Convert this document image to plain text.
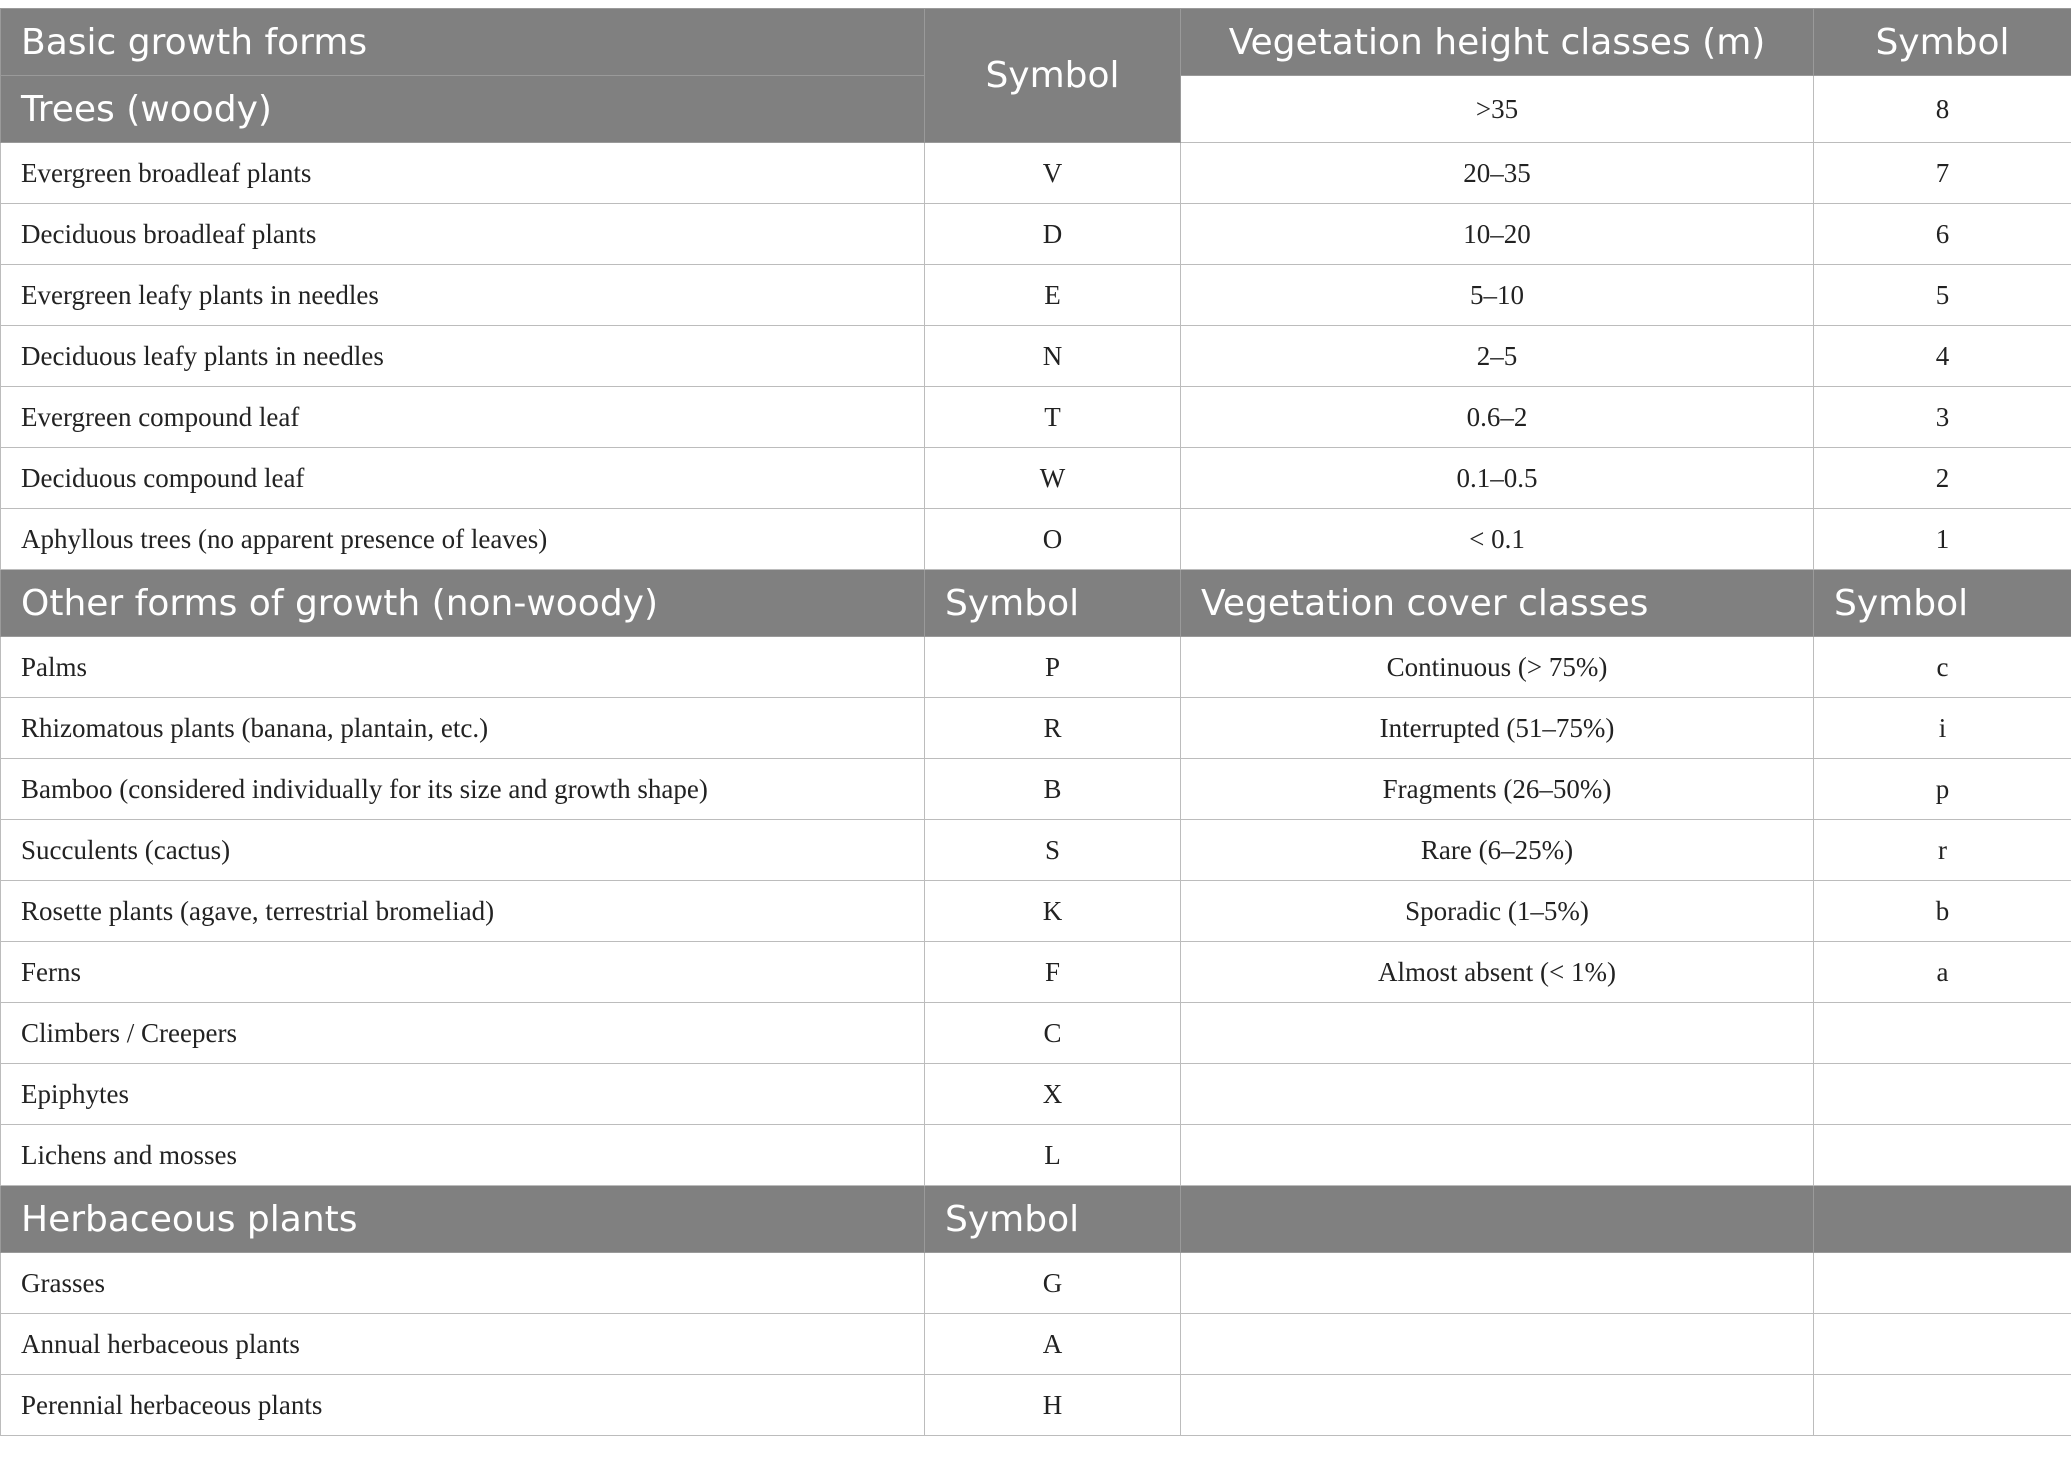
Basic growth forms	Symbol	Vegetation height classes (m)	Symbol
Trees (woody)		>35	8
Evergreen broadleaf plants	V	20–35	7
Deciduous broadleaf plants	D	10–20	6
Evergreen leafy plants in needles	E	5–10	5
Deciduous leafy plants in needles	N	2–5	4
Evergreen compound leaf	T	0.6–2	3
Deciduous compound leaf	W	0.1–0.5	2
Aphyllous trees (no apparent presence of leaves)	O	< 0.1	1
Other forms of growth (non-woody)	Symbol	Vegetation cover classes	Symbol
Palms	P	Continuous (> 75%)	c
Rhizomatous plants (banana, plantain, etc.)	R	Interrupted (51–75%)	i
Bamboo (considered individually for its size and growth shape)	B	Fragments (26–50%)	p
Succulents (cactus)	S	Rare (6–25%)	r
Rosette plants (agave, terrestrial bromeliad)	K	Sporadic (1–5%)	b
Ferns	F	Almost absent (< 1%)	a
Climbers / Creepers	C		
Epiphytes	X		
Lichens and mosses	L		
Herbaceous plants	Symbol		
Grasses	G		
Annual herbaceous plants	A		
Perennial herbaceous plants	H		
